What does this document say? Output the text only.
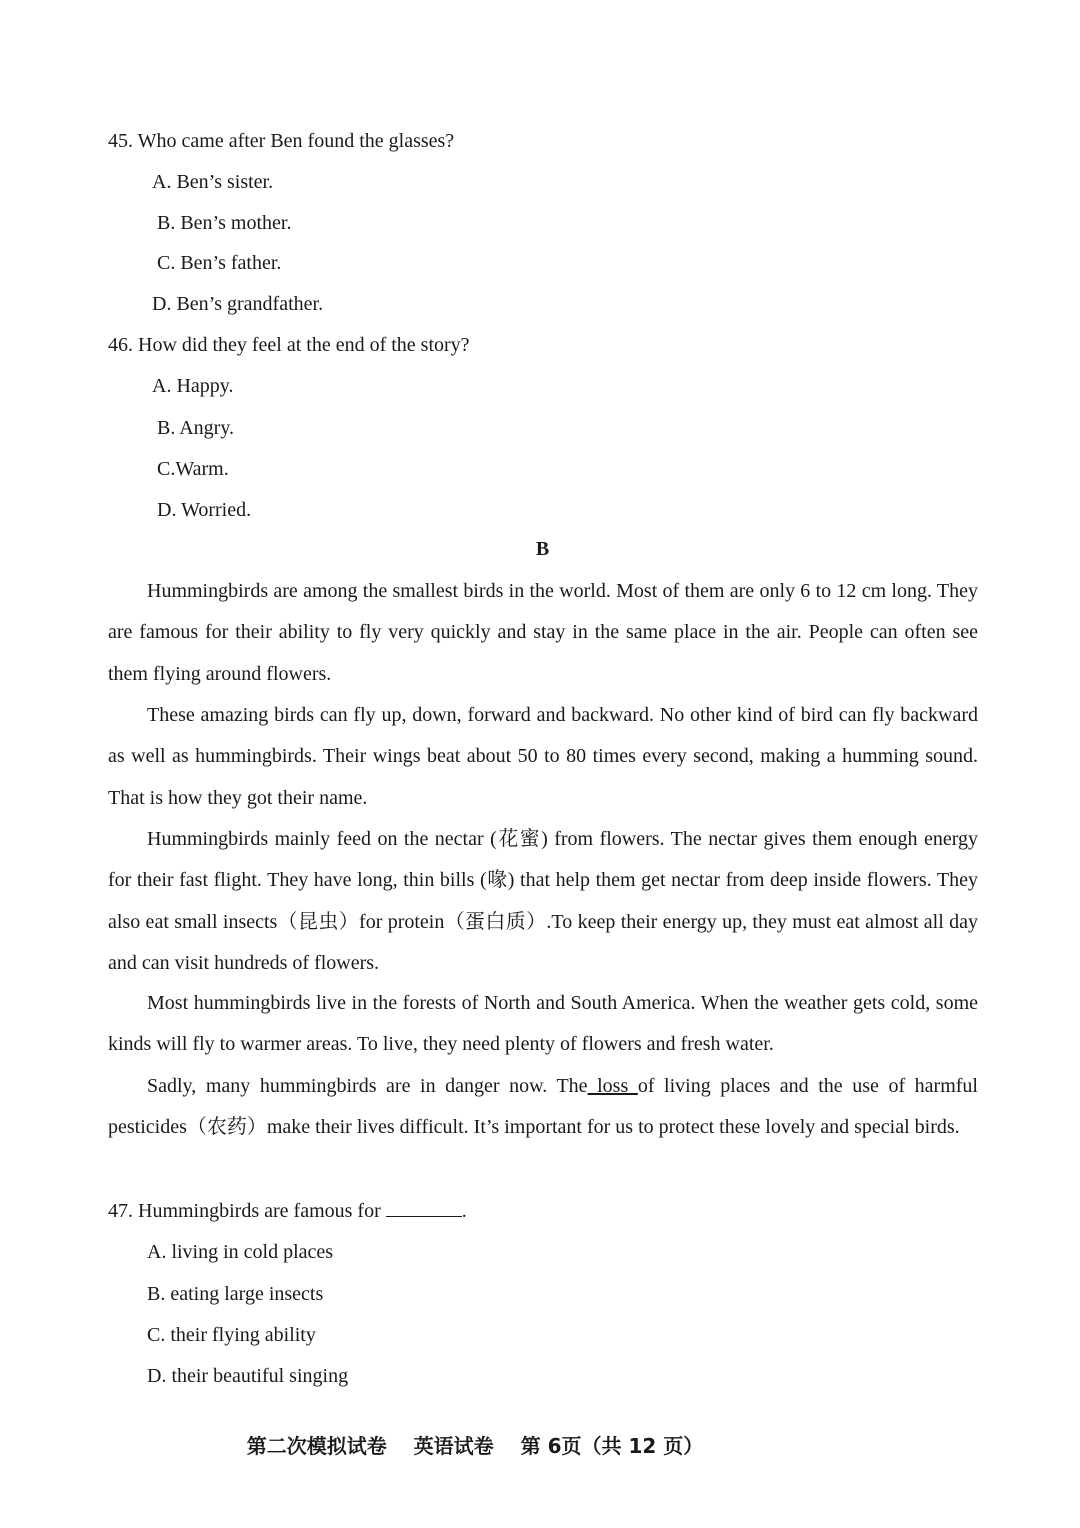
45. Who came after Ben found the glasses?
A. Ben’s sister.
B. Ben’s mother.
C. Ben’s father.
D. Ben’s grandfather.
46. How did they feel at the end of the story?
A. Happy.
B. Angry.
C.Warm.
D. Worried.
B
Hummingbirds are among the smallest birds in the world. Most of them are only 6 to 12 cm long. They are famous for their ability to fly very quickly and stay in the same place in the air. People can often see them flying around flowers.
These amazing birds can fly up, down, forward and backward. No other kind of bird can fly backward as well as hummingbirds. Their wings beat about 50 to 80 times every second, making a humming sound. That is how they got their name.
Hummingbirds mainly feed on the nectar (花蜜) from flowers. The nectar gives them enough energy for their fast flight. They have long, thin bills (喙) that help them get nectar from deep inside flowers. They also eat small insects（昆虫）for protein（蛋白质）.To keep their energy up, they must eat almost all day and can visit hundreds of flowers.
Most hummingbirds live in the forests of North and South America. When the weather gets cold, some kinds will fly to warmer areas. To live, they need plenty of flowers and fresh water.
Sadly, many hummingbirds are in danger now. The loss of living places and the use of harmful pesticides（农药）make their lives difficult. It’s important for us to protect these lovely and special birds.
47. Hummingbirds are famous for	.
A. living in cold places
B. eating large insects
C. their flying ability
D. their beautiful singing
第二次模拟试卷 英语试卷 第 6页（共 12 页）
